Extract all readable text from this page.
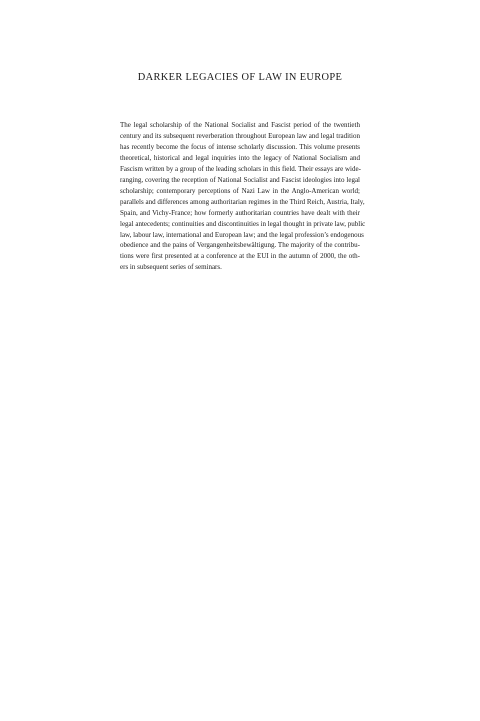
DARKER LEGACIES OF LAW IN EUROPE
The legal scholarship of the National Socialist and Fascist period of the twentieth
century and its subsequent reverberation throughout European law and legal tradition
has recently become the focus of intense scholarly discussion. This volume presents
theoretical, historical and legal inquiries into the legacy of National Socialism and
Fascism written by a group of the leading scholars in this field. Their essays are wide-
ranging, covering the reception of National Socialist and Fascist ideologies into legal
scholarship; contemporary perceptions of Nazi Law in the Anglo-American world;
parallels and differences among authoritarian regimes in the Third Reich, Austria, Italy,
Spain, and Vichy-France; how formerly authoritarian countries have dealt with their
legal antecedents; continuities and discontinuities in legal thought in private law, public
law, labour law, international and European law; and the legal profession’s endogenous
obedience and the pains of Vergangenheitsbewältigung. The majority of the contribu-
tions were first presented at a conference at the EUI in the autumn of 2000, the oth-
ers in subsequent series of seminars.
